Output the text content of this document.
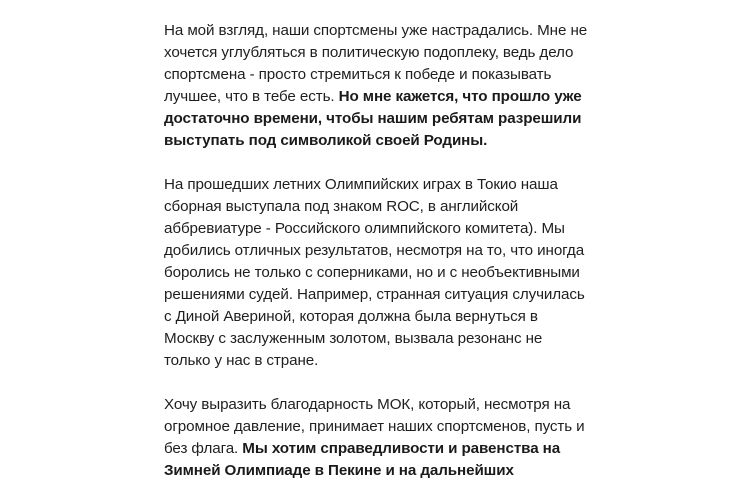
На мой взгляд, наши спортсмены уже настрадались. Мне не хочется углубляться в политическую подоплеку, ведь дело спортсмена - просто стремиться к победе и показывать лучшее, что в тебе есть. Но мне кажется, что прошло уже достаточно времени, чтобы нашим ребятам разрешили выступать под символикой своей Родины.

На прошедших летних Олимпийских играх в Токио наша сборная выступала под знаком ROC, в английской аббревиатуре - Российского олимпийского комитета). Мы добились отличных результатов, несмотря на то, что иногда боролись не только с соперниками, но и с необъективными решениями судей. Например, странная ситуация случилась с Диной Авериной, которая должна была вернуться в Москву с заслуженным золотом, вызвала резонанс не только у нас в стране.

Хочу выразить благодарность МОК, который, несмотря на огромное давление, принимает наших спортсменов, пусть и без флага. Мы хотим справедливости и равенства на Зимней Олимпиаде в Пекине и на дальнейших
